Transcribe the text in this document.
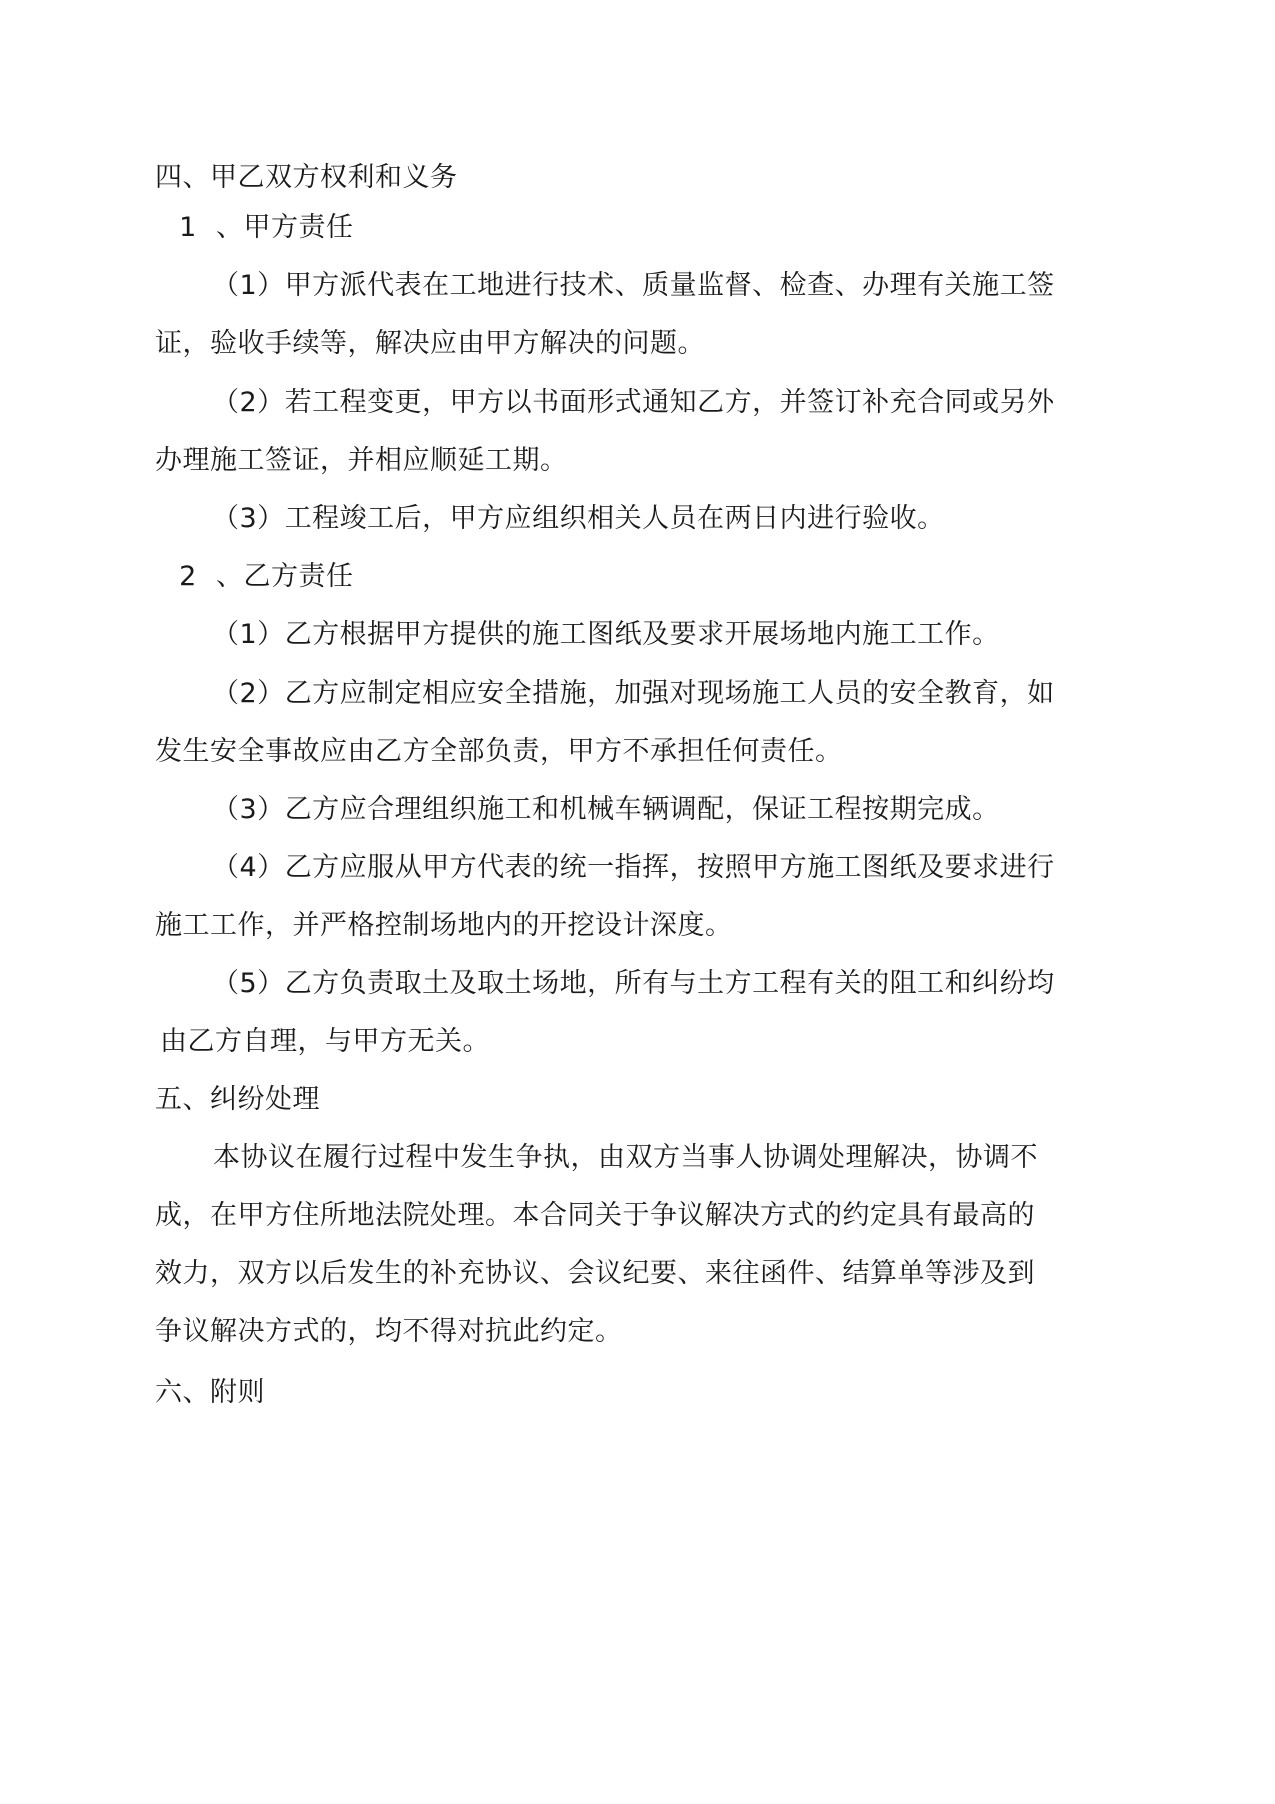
四、甲乙双方权利和义务
1 、甲方责任
（1）甲方派代表在工地进行技术、质量监督、检查、办理有关施工签
证，验收手续等，解决应由甲方解决的问题。
（2）若工程变更，甲方以书面形式通知乙方，并签订补充合同或另外
办理施工签证，并相应顺延工期。
（3）工程竣工后，甲方应组织相关人员在两日内进行验收。
2 、乙方责任
（1）乙方根据甲方提供的施工图纸及要求开展场地内施工工作。
（2）乙方应制定相应安全措施，加强对现场施工人员的安全教育，如
发生安全事故应由乙方全部负责，甲方不承担任何责任。
（3）乙方应合理组织施工和机械车辆调配，保证工程按期完成。
（4）乙方应服从甲方代表的统一指挥，按照甲方施工图纸及要求进行
施工工作，并严格控制场地内的开挖设计深度。
（5）乙方负责取土及取土场地，所有与土方工程有关的阻工和纠纷均
由乙方自理，与甲方无关。
五、纠纷处理
本协议在履行过程中发生争执，由双方当事人协调处理解决，协调不
成，在甲方住所地法院处理。本合同关于争议解决方式的约定具有最高的
效力，双方以后发生的补充协议、会议纪要、来往函件、结算单等涉及到
争议解决方式的，均不得对抗此约定。
六、附则
